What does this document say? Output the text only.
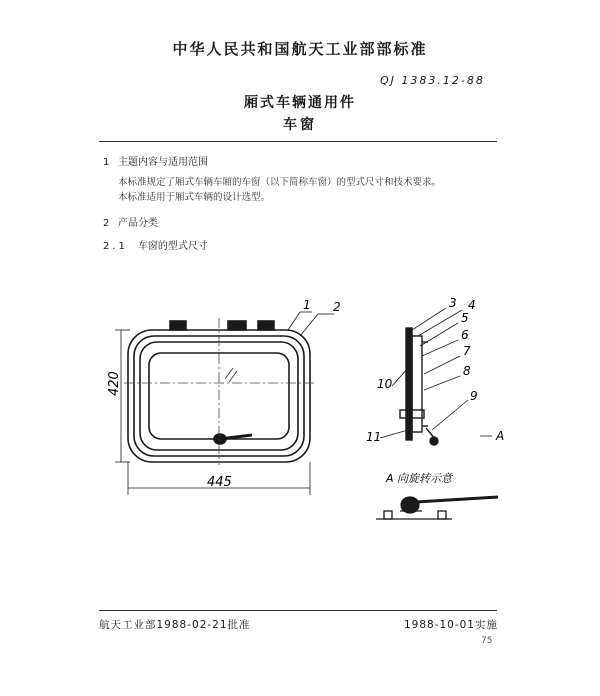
中华人民共和国航天工业部部标准
QJ 1383.12-88
厢式车辆通用件
车窗
1 主题内容与适用范围
本标准规定了厢式车辆车厢的车窗（以下简称车窗）的型式尺寸和技术要求。
本标准适用于厢式车辆的设计选型。
2 产品分类
2.1 车窗的型式尺寸
420
445
1 2	3 4
5
6
7
8
9
10
11	A
A 向旋转示意
航天工业部1988-02-21批准	1988-10-01实施
75
